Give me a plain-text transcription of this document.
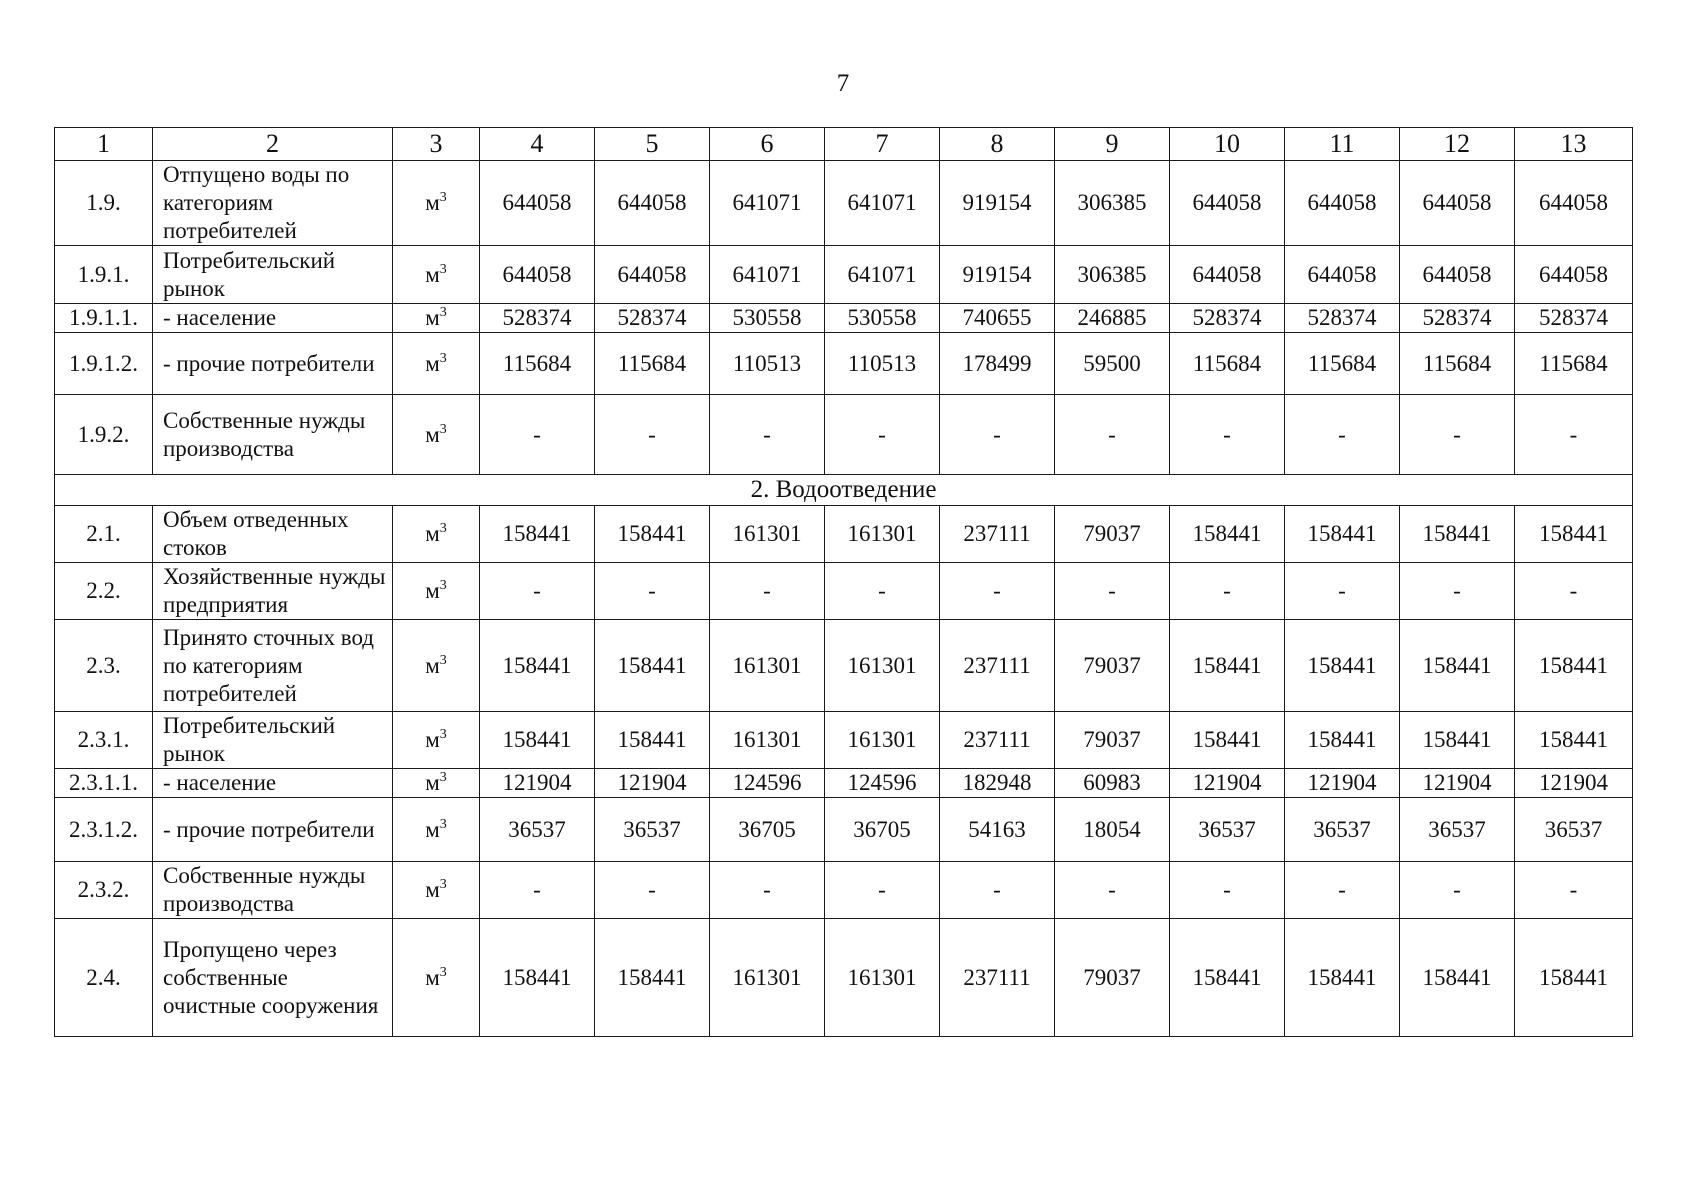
7
1	2	3	4	5	6	7	8	9	10	11	12	13
1.9.	Отпущено воды по категориям потребителей	$м^3$	644058	644058	641071	641071	919154	306385	644058	644058	644058	644058
1.9.1.	Потребительский рынок	$м^3$	644058	644058	641071	641071	919154	306385	644058	644058	644058	644058
1.9.1.1.	- население	$м^3$	528374	528374	530558	530558	740655	246885	528374	528374	528374	528374
1.9.1.2.	- прочие потребители	$м^3$	115684	115684	110513	110513	178499	59500	115684	115684	115684	115684
1.9.2.	Собственные нужды производства	$м^3$	-	-	-	-	-	-	-	-	-	-
2. Водоотведение												
2.1.	Объем отведенных стоков	$м^3$	158441	158441	161301	161301	237111	79037	158441	158441	158441	158441
2.2.	Хозяйственные нужды предприятия	$м^3$	-	-	-	-	-	-	-	-	-	-
2.3.	Принято сточных вод по категориям потребителей	$м^3$	158441	158441	161301	161301	237111	79037	158441	158441	158441	158441
2.3.1.	Потребительский рынок	$м^3$	158441	158441	161301	161301	237111	79037	158441	158441	158441	158441
2.3.1.1.	- население	$м^3$	121904	121904	124596	124596	182948	60983	121904	121904	121904	121904
2.3.1.2.	- прочие потребители	$м^3$	36537	36537	36705	36705	54163	18054	36537	36537	36537	36537
2.3.2.	Собственные нужды производства	$м^3$	-	-	-	-	-	-	-	-	-	-
2.4.	Пропущено через собственные очистные сооружения	$м^3$	158441	158441	161301	161301	237111	79037	158441	158441	158441	158441
